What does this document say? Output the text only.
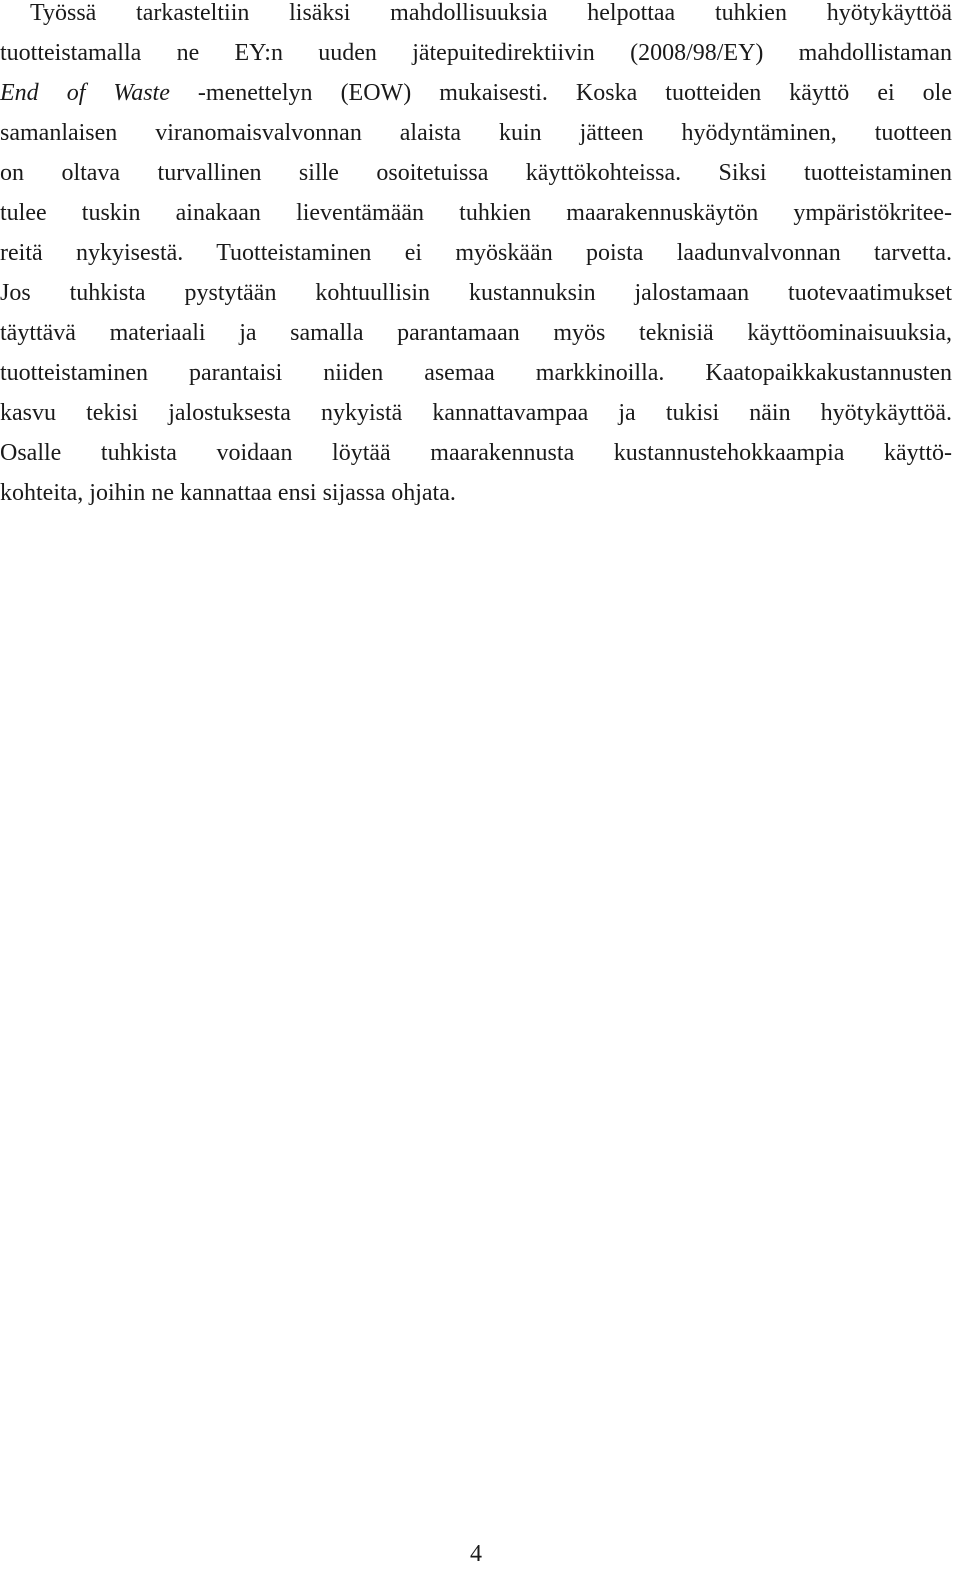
Työssä tarkasteltiin lisäksi mahdollisuuksia helpottaa tuhkien hyötykäyttöä
tuotteistamalla ne EY:n uuden jätepuitedirektiivin (2008/98/EY) mahdollistaman
End of Waste -menettelyn (EOW) mukaisesti. Koska tuotteiden käyttö ei ole
samanlaisen viranomaisvalvonnan alaista kuin jätteen hyödyntäminen, tuotteen
on oltava turvallinen sille osoitetuissa käyttökohteissa. Siksi tuotteistaminen
tulee tuskin ainakaan lieventämään tuhkien maarakennuskäytön ympäristökritee-
reitä nykyisestä. Tuotteistaminen ei myöskään poista laadunvalvonnan tarvetta.
Jos tuhkista pystytään kohtuullisin kustannuksin jalostamaan tuotevaatimukset
täyttävä materiaali ja samalla parantamaan myös teknisiä käyttöominaisuuksia,
tuotteistaminen parantaisi niiden asemaa markkinoilla. Kaatopaikkakustannusten
kasvu tekisi jalostuksesta nykyistä kannattavampaa ja tukisi näin hyötykäyttöä.
Osalle tuhkista voidaan löytää maarakennusta kustannustehokkaampia käyttö-
kohteita, joihin ne kannattaa ensi sijassa ohjata.
4
